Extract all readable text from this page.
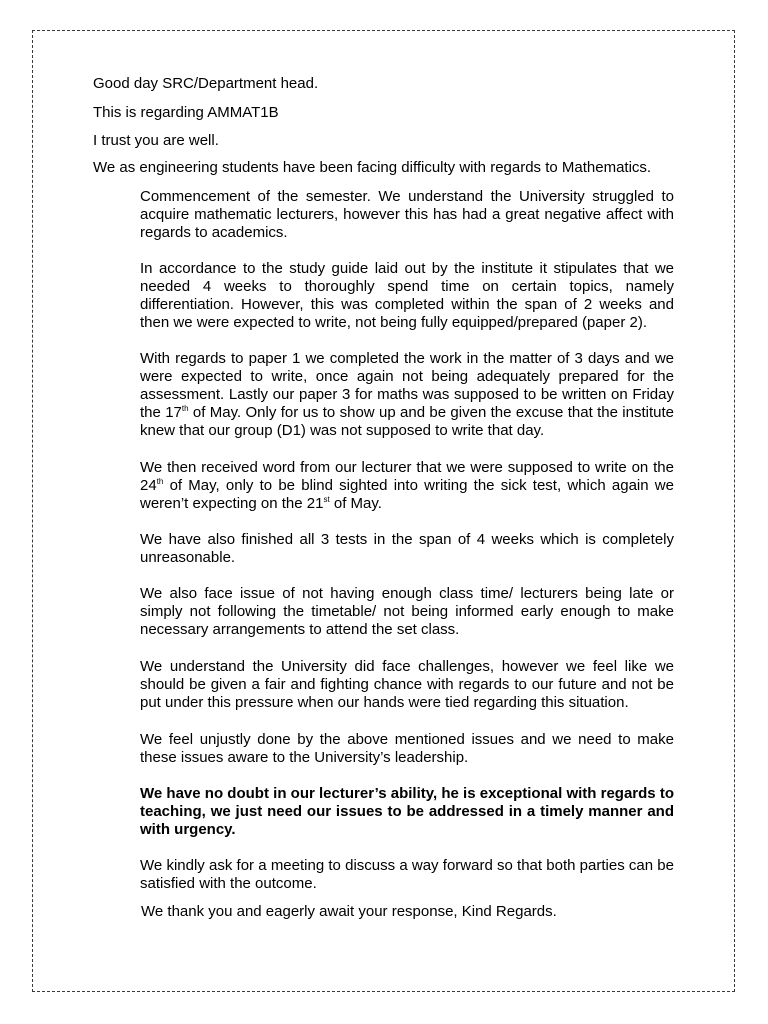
Good day SRC/Department head.

This is regarding AMMAT1B

I trust you are well.

We as engineering students have been facing difficulty with regards to Mathematics.

Commencement of the semester. We understand the University struggled to acquire mathematic lecturers, however this has had a great negative affect with regards to academics.

In accordance to the study guide laid out by the institute it stipulates that we needed 4 weeks to thoroughly spend time on certain topics, namely differentiation. However, this was completed within the span of 2 weeks and then we were expected to write, not being fully equipped/prepared (paper 2).

With regards to paper 1 we completed the work in the matter of 3 days and we were expected to write, once again not being adequately prepared for the assessment. Lastly our paper 3 for maths was supposed to be written on Friday the 17th of May. Only for us to show up and be given the excuse that the institute knew that our group (D1) was not supposed to write that day.

We then received word from our lecturer that we were supposed to write on the 24th of May, only to be blind sighted into writing the sick test, which again we weren’t expecting on the 21st of May.

We have also finished all 3 tests in the span of 4 weeks which is completely unreasonable.

We also face issue of not having enough class time/ lecturers being late or simply not following the timetable/ not being informed early enough to make necessary arrangements to attend the set class.

We understand the University did face challenges, however we feel like we should be given a fair and fighting chance with regards to our future and not be put under this pressure when our hands were tied regarding this situation.

We feel unjustly done by the above mentioned issues and we need to make these issues aware to the University’s leadership.

We have no doubt in our lecturer’s ability, he is exceptional with regards to teaching, we just need our issues to be addressed in a timely manner and with urgency.

We kindly ask for a meeting to discuss a way forward so that both parties can be satisfied with the outcome.

We thank you and eagerly await your response, Kind Regards.
